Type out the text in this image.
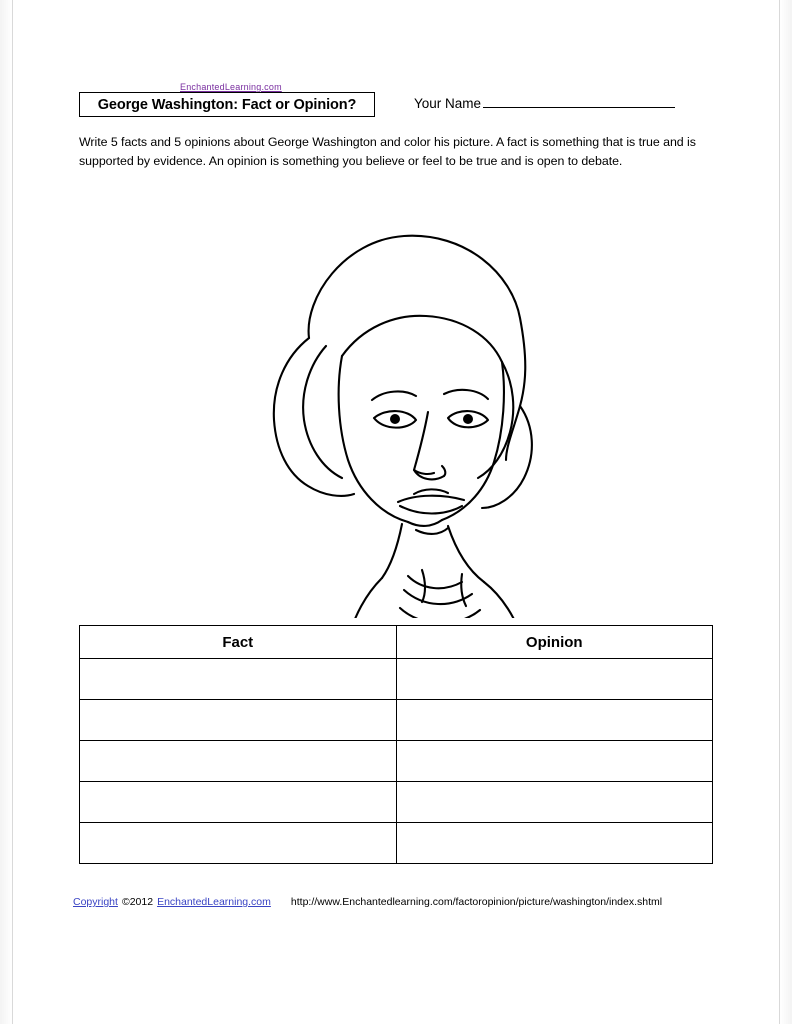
EnchantedLearning.com
George Washington: Fact or Opinion?	Your Name
Write 5 facts and 5 opinions about George Washington and color his picture. A fact is something that is true and is supported by evidence. An opinion is something you believe or feel to be true and is open to debate.
Fact	Opinion

Copyright ©2012 EnchantedLearning.com http://www.Enchantedlearning.com/factoropinion/picture/washington/index.shtml
